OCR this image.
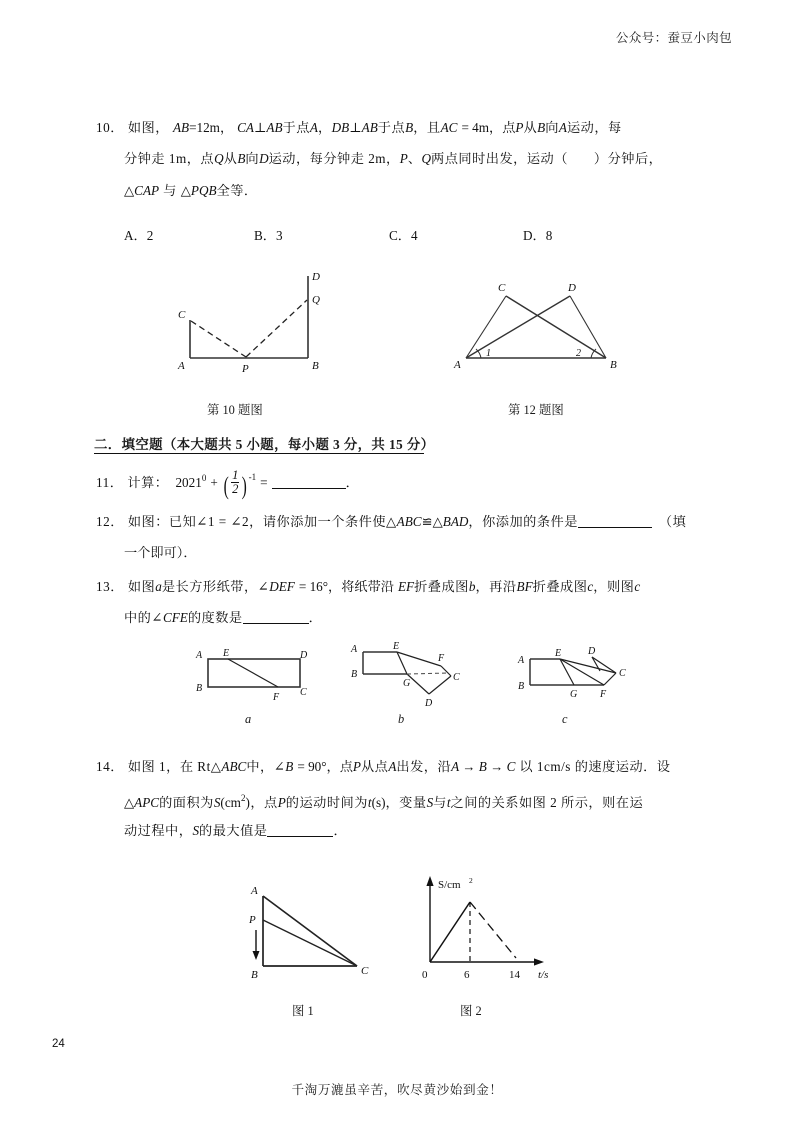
公众号：蚕豆小肉包
10． 如图， AB=12m， CA⊥AB于点A，DB⊥AB于点B，且AC = 4m，点P从B向A运动，每
分钟走 1m，点Q从B向D运动，每分钟走 2m，P、Q两点同时出发，运动（ ）分钟后，
△CAP 与 △PQB全等．
A．2	B．3	C．4	D．8
A	B
C
D
P
Q
A	B
C	D
1	2
第 10 题图	第 12 题图
二．填空题（本大题共 5 小题，每小题 3 分，共 15 分）
11． 计算： $2021^0$ + ( $\frac{1}{2}$ ) $^{-1}$ =	．
12． 如图：已知∠1 = ∠2，请你添加一个条件使△ABC≌△BAD，你添加的条件是	（填
一个即可）．
13． 如图a是长方形纸带，∠DEF = 16°，将纸带沿 EF折叠成图b，再沿BF折叠成图c，则图c
中的∠CFE的度数是	．
A
B
D
C
E
F
A
B
E
G
F
C
D
A
B
E
G F
D
C
a	b	c
14． 如图 1，在 Rt△ABC中，∠B = 90°，点P从点A出发，沿A → B → C 以 1cm/s 的速度运动．设
△APC的面积为$S(cm^2)$，点P的运动时间为t(s)，变量S与t之间的关系如图 2 所示，则在运
动过程中，S的最大值是	．
A
P
B	C
S/cm 2
0	6	14 t/s
图 1	图 2
24
千淘万漉虽辛苦，吹尽黄沙始到金！
